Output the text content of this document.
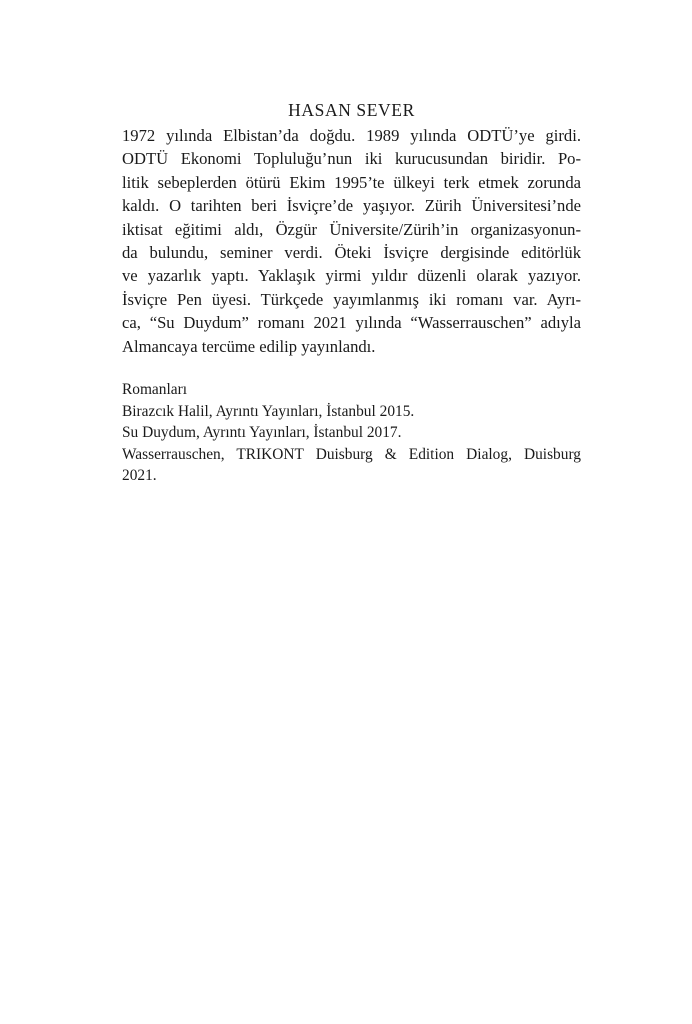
HASAN SEVER

1972 yılında Elbistan’da doğdu. 1989 yılında ODTÜ’ye girdi.

ODTÜ Ekonomi Topluluğu’nun iki kurucusundan biridir. Po-

litik sebeplerden ötürü Ekim 1995’te ülkeyi terk etmek zorunda

kaldı. O tarihten beri İsviçre’de yaşıyor. Zürih Üniversitesi’nde

iktisat eğitimi aldı, Özgür Üniversite/Zürih’in organizasyonun-

da bulundu, seminer verdi. Öteki İsviçre dergisinde editörlük

ve yazarlık yaptı. Yaklaşık yirmi yıldır düzenli olarak yazıyor.

İsviçre Pen üyesi. Türkçede yayımlanmış iki romanı var. Ayrı-

ca, “Su Duydum” romanı 2021 yılında “Wasserrauschen” adıyla

Almancaya tercüme edilip yayınlandı.

Romanları
Birazcık Halil, Ayrıntı Yayınları, İstanbul 2015.
Su Duydum, Ayrıntı Yayınları, İstanbul 2017.
Wasserrauschen, TRIKONT Duisburg & Edition Dialog, Duisburg
2021.
